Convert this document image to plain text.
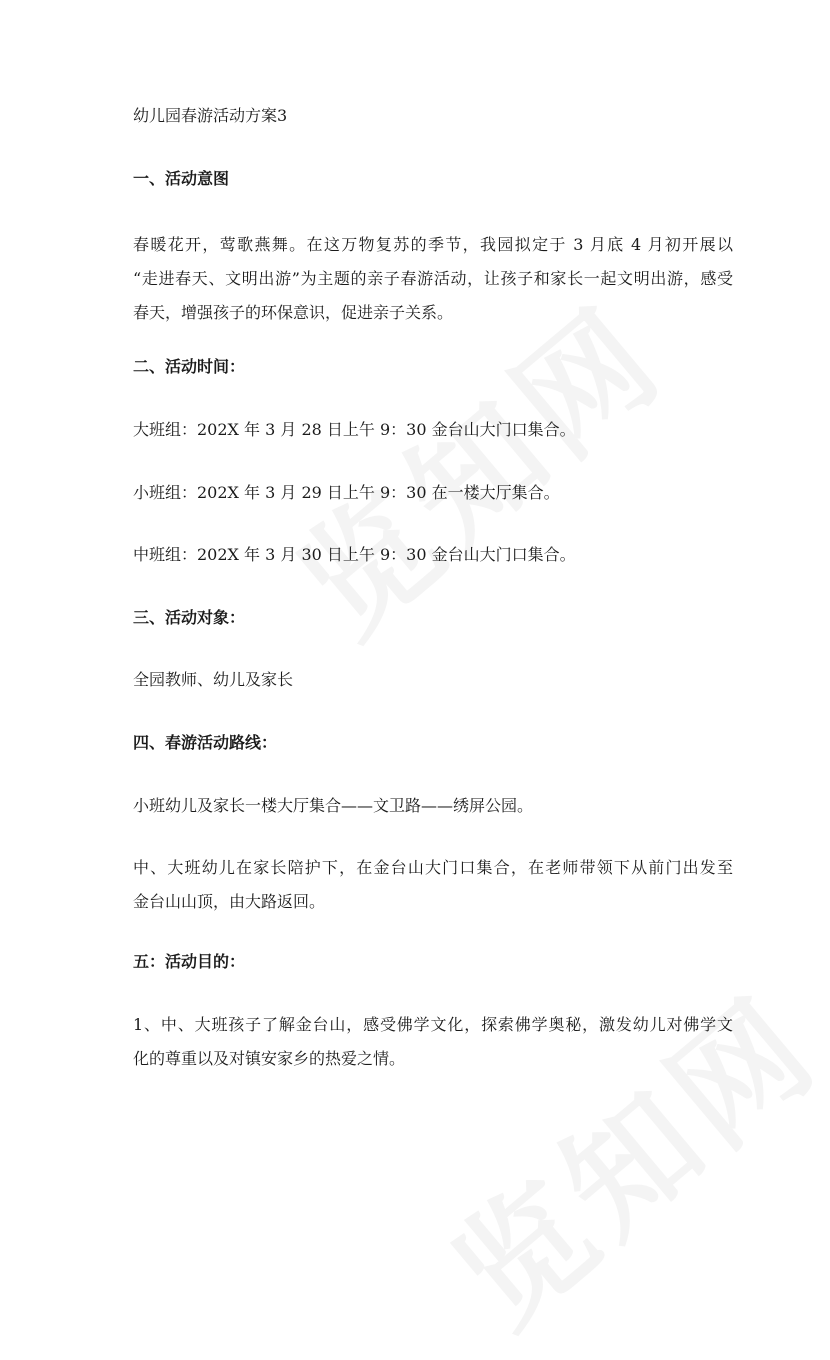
幼儿园春游活动方案3
一、活动意图
春暖花开，莺歌燕舞。在这万物复苏的季节，我园拟定于 3 月底 4 月初开展以
“走进春天、文明出游”为主题的亲子春游活动，让孩子和家长一起文明出游，感受
春天，增强孩子的环保意识，促进亲子关系。
二、活动时间：
大班组：202X 年 3 月 28 日上午 9：30 金台山大门口集合。
小班组：202X 年 3 月 29 日上午 9：30 在一楼大厅集合。
中班组：202X 年 3 月 30 日上午 9：30 金台山大门口集合。
三、活动对象：
全园教师、幼儿及家长
四、春游活动路线：
小班幼儿及家长一楼大厅集合——文卫路——绣屏公园。
中、大班幼儿在家长陪护下，在金台山大门口集合，在老师带领下从前门出发至
金台山山顶，由大路返回。
五：活动目的：
1、中、大班孩子了解金台山，感受佛学文化，探索佛学奥秘，激发幼儿对佛学文
化的尊重以及对镇安家乡的热爱之情。
